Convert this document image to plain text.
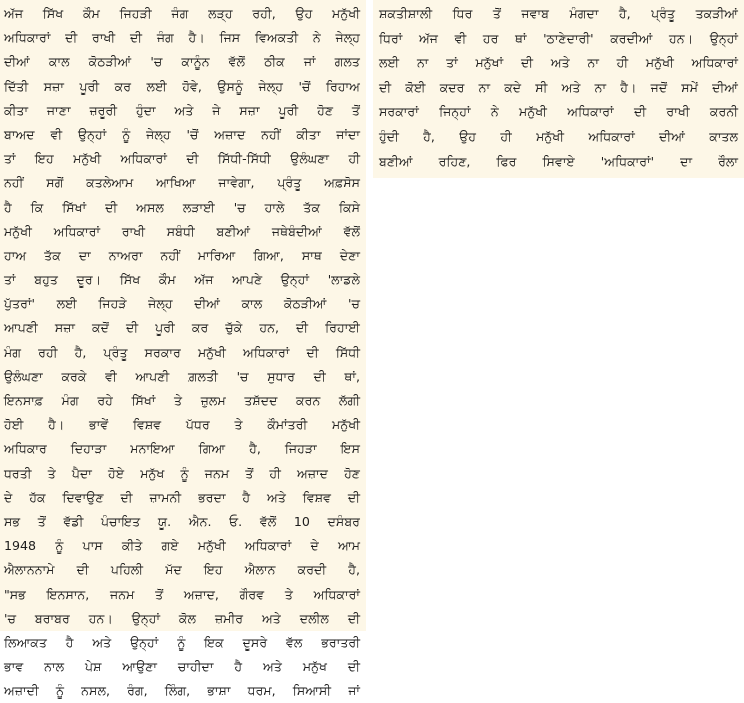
ਅੱਜ ਸਿੱਖ ਕੌਮ ਜਿਹੜੀ ਜੰਗ ਲੜ੍ਹ ਰਹੀ, ਉਹ ਮਨੁੱਖੀ
ਅਧਿਕਾਰਾਂ ਦੀ ਰਾਖੀ ਦੀ ਜੰਗ ਹੈ। ਜਿਸ ਵਿਅਕਤੀ ਨੇ ਜੇਲ੍ਹ
ਦੀਆਂ ਕਾਲ ਕੋਠੜੀਆਂ 'ਚ ਕਾਨੂੰਨ ਵੱਲੋਂ ਠੀਕ ਜਾਂ ਗਲਤ
ਦਿੱਤੀ ਸਜ਼ਾ ਪੂਰੀ ਕਰ ਲਈ ਹੋਵੇ, ਉਸਨੂੰ ਜੇਲ੍ਹ 'ਚੋਂ ਰਿਹਾਅ
ਕੀਤਾ ਜਾਣਾ ਜ਼ਰੂਰੀ ਹੁੰਦਾ ਅਤੇ ਜੇ ਸਜ਼ਾ ਪੂਰੀ ਹੋਣ ਤੋਂ
ਬਾਅਦ ਵੀ ਉਨ੍ਹਾਂ ਨੂੰ ਜੇਲ੍ਹ 'ਚੋਂ ਅਜ਼ਾਦ ਨਹੀਂ ਕੀਤਾ ਜਾਂਦਾ
ਤਾਂ ਇਹ ਮਨੁੱਖੀ ਅਧਿਕਾਰਾਂ ਦੀ ਸਿੱਧੀ-ਸਿੱਧੀ ਉਲੰਘਣਾ ਹੀ
ਨਹੀਂ ਸਗੋਂ ਕਤਲੇਆਮ ਆਖਿਆ ਜਾਵੇਗਾ, ਪ੍ਰੰਤੂ ਅਫ਼ਸੋਸ
ਹੈ ਕਿ ਸਿੱਖਾਂ ਦੀ ਅਸਲ ਲੜਾਈ 'ਚ ਹਾਲੇ ਤੱਕ ਕਿਸੇ
ਮਨੁੱਖੀ ਅਧਿਕਾਰਾਂ ਰਾਖੀ ਸਬੰਧੀ ਬਣੀਆਂ ਜਥੇਬੰਦੀਆਂ ਵੱਲੋਂ
ਹਾਅ ਤੱਕ ਦਾ ਨਾਅਰਾ ਨਹੀਂ ਮਾਰਿਆ ਗਿਆ, ਸਾਥ ਦੇਣਾ
ਤਾਂ ਬਹੁਤ ਦੂਰ। ਸਿੱਖ ਕੌਮ ਅੱਜ ਆਪਣੇ ਉਨ੍ਹਾਂ 'ਲਾਡਲੇ
ਪੁੱਤਰਾਂ' ਲਈ ਜਿਹੜੇ ਜੇਲ੍ਹ ਦੀਆਂ ਕਾਲ ਕੋਠੜੀਆਂ 'ਚ
ਆਪਣੀ ਸਜ਼ਾ ਕਦੋਂ ਦੀ ਪੂਰੀ ਕਰ ਚੁੱਕੇ ਹਨ, ਦੀ ਰਿਹਾਈ
ਮੰਗ ਰਹੀ ਹੈ, ਪ੍ਰੰਤੂ ਸਰਕਾਰ ਮਨੁੱਖੀ ਅਧਿਕਾਰਾਂ ਦੀ ਸਿੱਧੀ
ਉਲੰਘਣਾ ਕਰਕੇ ਵੀ ਆਪਣੀ ਗ਼ਲਤੀ 'ਚ ਸੁਧਾਰ ਦੀ ਥਾਂ,
ਇਨਸਾਫ਼ ਮੰਗ ਰਹੇ ਸਿੱਖਾਂ ਤੇ ਜ਼ੁਲਮ ਤਸ਼ੱਦਦ ਕਰਨ ਲੱਗੀ
ਹੋਈ ਹੈ। ਭਾਵੇਂ ਵਿਸ਼ਵ ਪੱਧਰ ਤੇ ਕੌਮਾਂਤਰੀ ਮਨੁੱਖੀ
ਅਧਿਕਾਰ ਦਿਹਾੜਾ ਮਨਾਇਆ ਗਿਆ ਹੈ, ਜਿਹੜਾ ਇਸ
ਧਰਤੀ ਤੇ ਪੈਦਾ ਹੋਏ ਮਨੁੱਖ ਨੂੰ ਜਨਮ ਤੋਂ ਹੀ ਅਜ਼ਾਦ ਹੋਣ
ਦੇ ਹੱਕ ਦਿਵਾਉਣ ਦੀ ਜ਼ਾਮਨੀ ਭਰਦਾ ਹੈ ਅਤੇ ਵਿਸ਼ਵ ਦੀ
ਸਭ ਤੋਂ ਵੱਡੀ ਪੰਚਾਇਤ ਯੂ. ਐਨ. ਓ. ਵੱਲੋਂ 10 ਦਸੰਬਰ
1948 ਨੂੰ ਪਾਸ ਕੀਤੇ ਗਏ ਮਨੁੱਖੀ ਅਧਿਕਾਰਾਂ ਦੇ ਆਮ
ਐਲਾਨਨਾਮੇ ਦੀ ਪਹਿਲੀ ਮੱਦ ਇਹ ਐਲਾਨ ਕਰਦੀ ਹੈ,
"ਸਭ ਇਨਸਾਨ, ਜਨਮ ਤੋਂ ਅਜ਼ਾਦ, ਗੌਰਵ ਤੇ ਅਧਿਕਾਰਾਂ
'ਚ ਬਰਾਬਰ ਹਨ। ਉਨ੍ਹਾਂ ਕੋਲ ਜ਼ਮੀਰ ਅਤੇ ਦਲੀਲ ਦੀ
ਲਿਆਕਤ ਹੈ ਅਤੇ ਉਨ੍ਹਾਂ ਨੂੰ ਇਕ ਦੂਸਰੇ ਵੱਲ ਭਰਾਤਰੀ
ਭਾਵ ਨਾਲ ਪੇਸ਼ ਆਉਣਾ ਚਾਹੀਦਾ ਹੈ ਅਤੇ ਮਨੁੱਖ ਦੀ
ਅਜ਼ਾਦੀ ਨੂੰ ਨਸਲ, ਰੰਗ, ਲਿੰਗ, ਭਾਸ਼ਾ ਧਰਮ, ਸਿਆਸੀ ਜਾਂ
ਸ਼ਕਤੀਸ਼ਾਲੀ ਧਿਰ ਤੋਂ ਜਵਾਬ ਮੰਗਦਾ ਹੈ, ਪ੍ਰੰਤੂ ਤਕੜੀਆਂ
ਧਿਰਾਂ ਅੱਜ ਵੀ ਹਰ ਥਾਂ 'ਠਾਣੇਦਾਰੀ' ਕਰਦੀਆਂ ਹਨ। ਉਨ੍ਹਾਂ
ਲਈ ਨਾ ਤਾਂ ਮਨੁੱਖਾਂ ਦੀ ਅਤੇ ਨਾ ਹੀ ਮਨੁੱਖੀ ਅਧਿਕਾਰਾਂ
ਦੀ ਕੋਈ ਕਦਰ ਨਾ ਕਦੇ ਸੀ ਅਤੇ ਨਾ ਹੈ। ਜਦੋਂ ਸਮੇਂ ਦੀਆਂ
ਸਰਕਾਰਾਂ ਜਿਨ੍ਹਾਂ ਨੇ ਮਨੁੱਖੀ ਅਧਿਕਾਰਾਂ ਦੀ ਰਾਖੀ ਕਰਨੀ
ਹੁੰਦੀ ਹੈ, ਉਹ ਹੀ ਮਨੁੱਖੀ ਅਧਿਕਾਰਾਂ ਦੀਆਂ ਕਾਤਲ
ਬਣੀਆਂ ਰਹਿਣ, ਫਿਰ ਸਿਵਾਏ 'ਅਧਿਕਾਰਾਂ' ਦਾ ਰੌਲਾ
